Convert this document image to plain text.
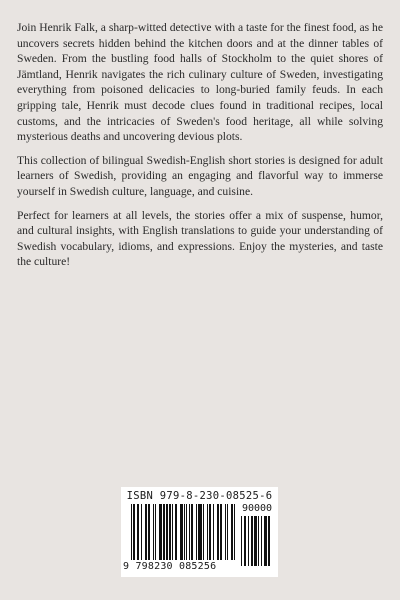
Join Henrik Falk, a sharp-witted detective with a taste for the finest food, as he uncovers secrets hidden behind the kitchen doors and at the dinner tables of Sweden. From the bustling food halls of Stockholm to the quiet shores of Jämtland, Henrik navigates the rich culinary culture of Sweden, investigating everything from poisoned delicacies to long-buried family feuds. In each gripping tale, Henrik must decode clues found in traditional recipes, local customs, and the intricacies of Sweden's food heritage, all while solving mysterious deaths and uncovering devious plots.

This collection of bilingual Swedish-English short stories is designed for adult learners of Swedish, providing an engaging and flavorful way to immerse yourself in Swedish culture, language, and cuisine.

Perfect for learners at all levels, the stories offer a mix of suspense, humor, and cultural insights, with English translations to guide your understanding of Swedish vocabulary, idioms, and expressions. Enjoy the mysteries, and taste the culture!

ISBN 979-8-230-08525-6
90000
9 798230 085256
